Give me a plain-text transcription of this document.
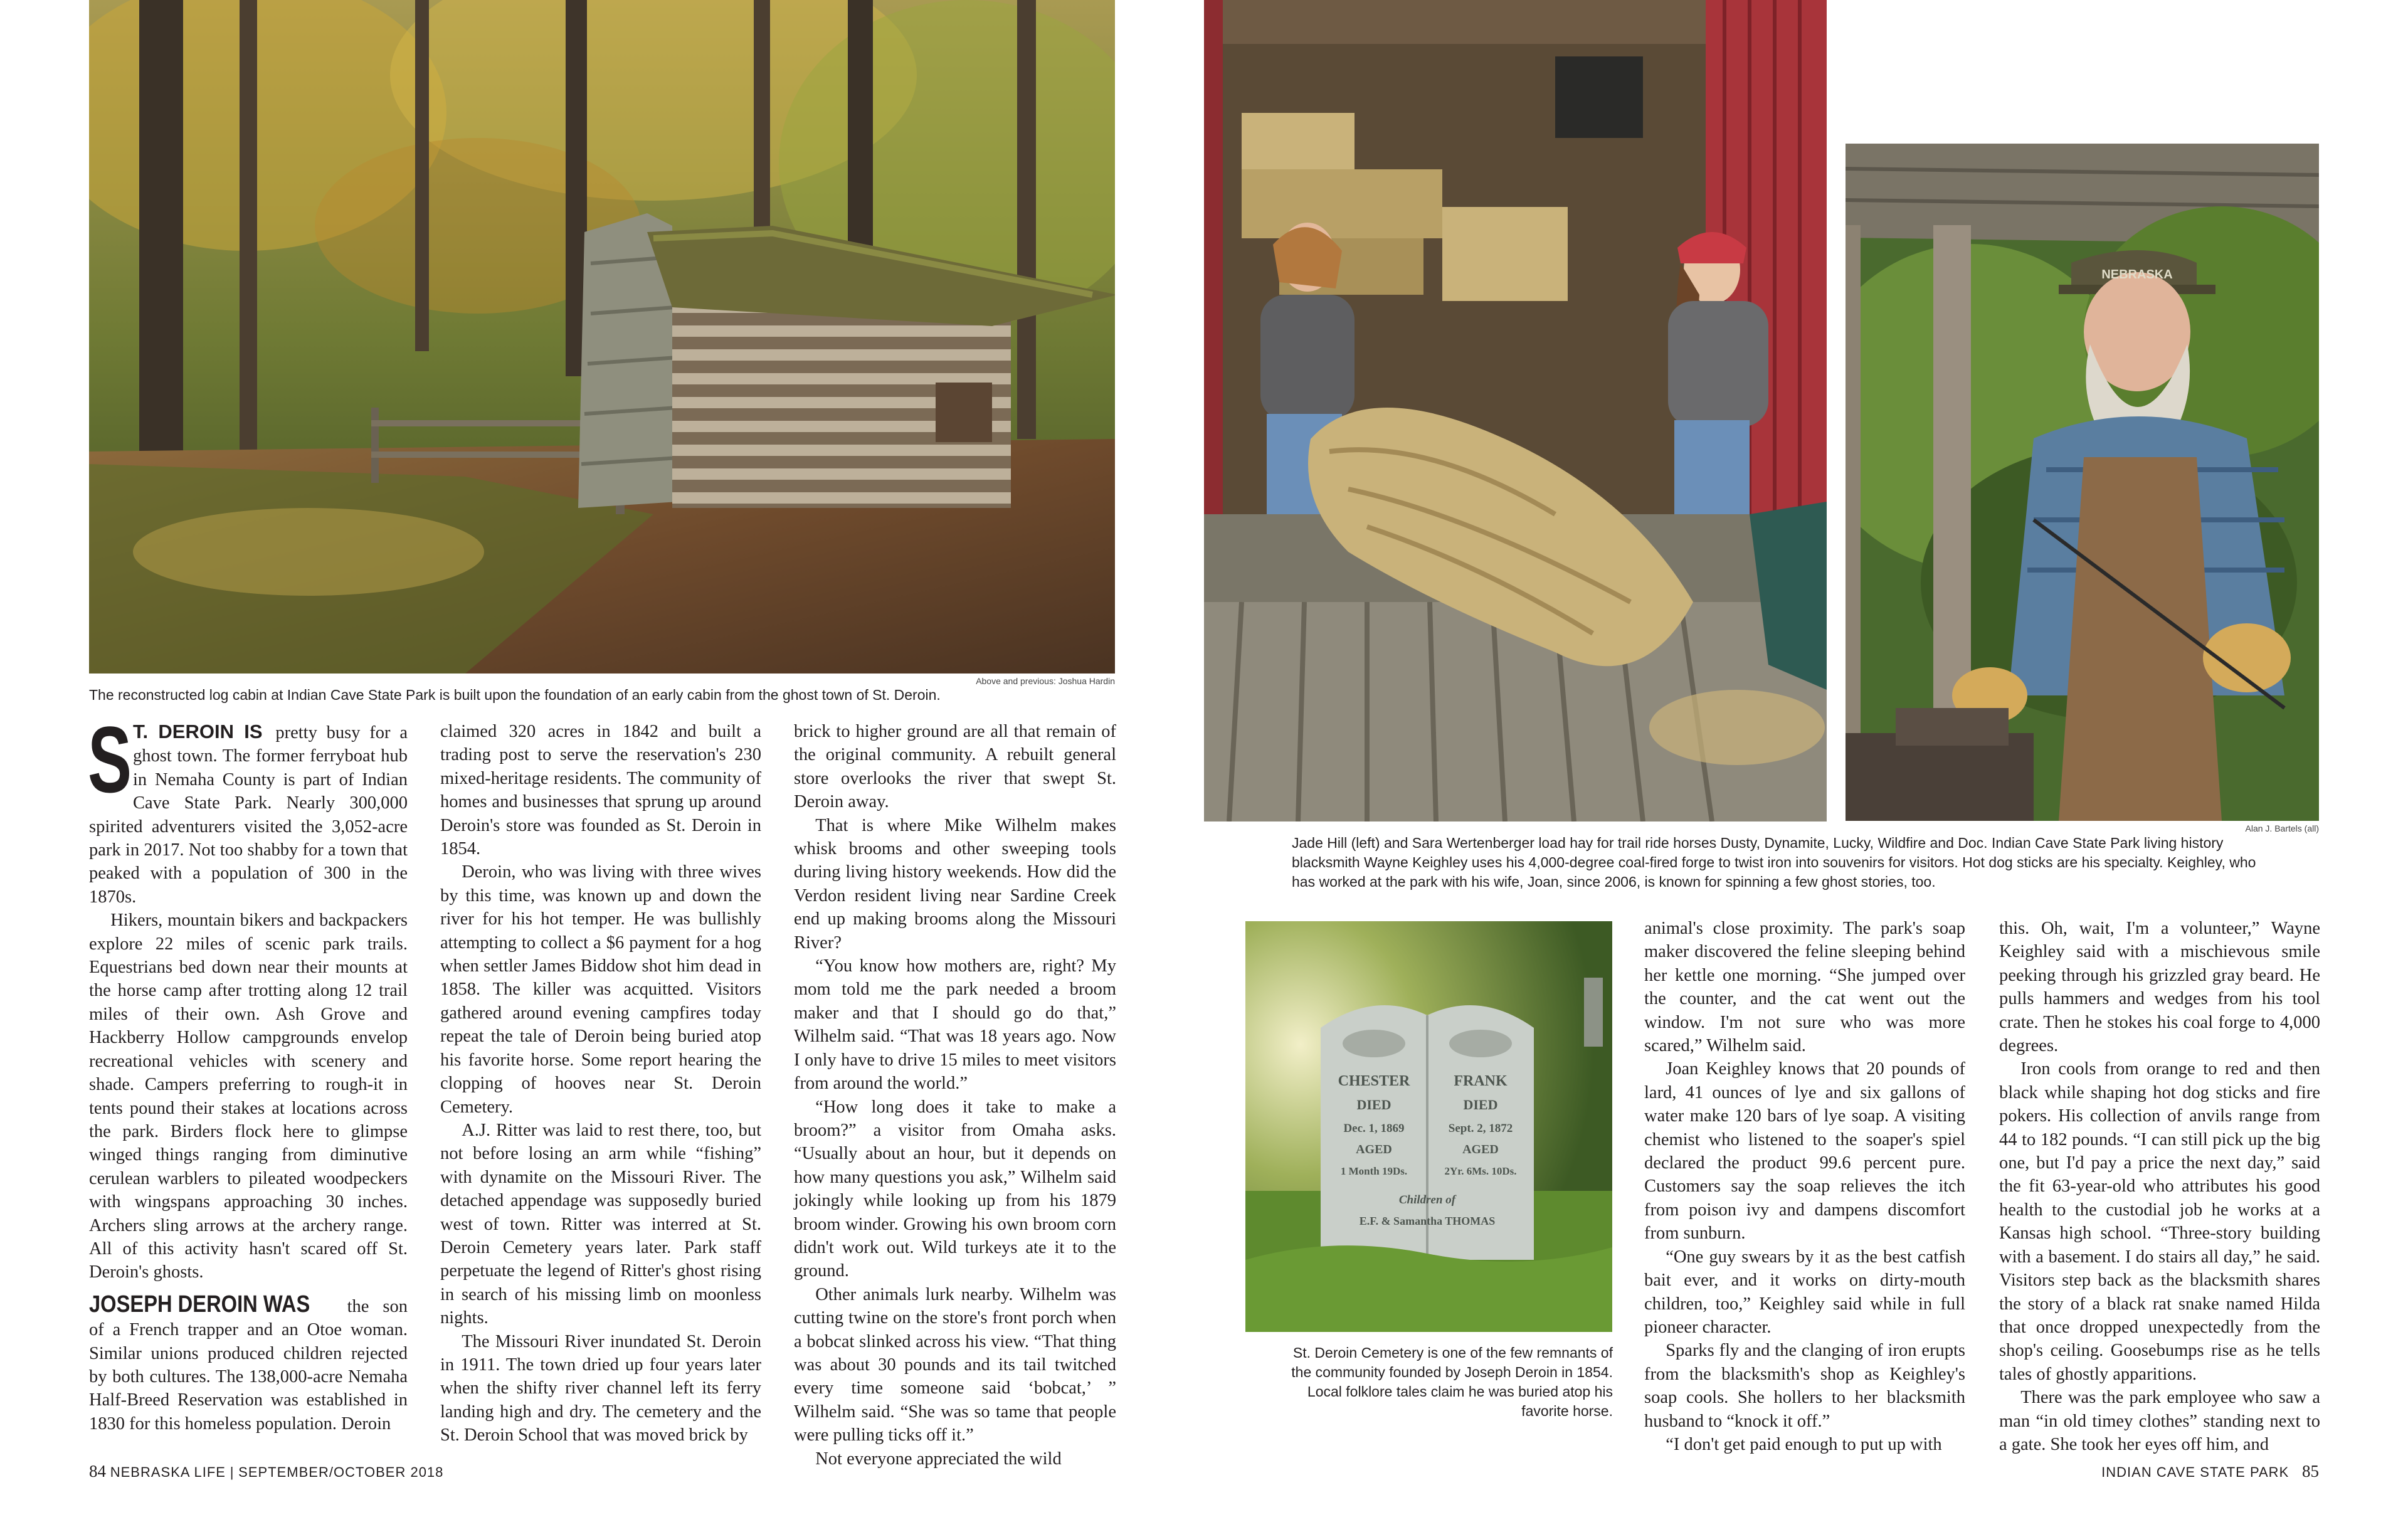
Above and previous: Joshua Hardin
The reconstructed log cabin at Indian Cave State Park is built upon the foundation of an early cabin from the ghost town of St. Deroin.

S T. DEROIN IS pretty busy for a ghost town. The former ferryboat hub in Nemaha County is part of Indian Cave State Park. Nearly 300,000 spirited adventurers visited the 3,052-acre park in 2017. Not too shabby for a town that peaked with a population of 300 in the 1870s.

Hikers, mountain bikers and backpackers explore 22 miles of scenic park trails. Equestrians bed down near their mounts at the horse camp after trotting along 12 trail miles of their own. Ash Grove and Hackberry Hollow campgrounds envelop recreational vehicles with scenery and shade. Campers preferring to rough-it in tents pound their stakes at locations across the park. Birders flock here to glimpse winged things ranging from diminutive cerulean warblers to pileated woodpeckers with wingspans approaching 30 inches. Archers sling arrows at the archery range. All of this activity hasn't scared off St. Deroin's ghosts.

JOSEPH DEROIN WAS the son of a French trapper and an Otoe woman. Similar unions produced children rejected by both cultures. The 138,000-acre Nemaha Half-Breed Reservation was established in 1830 for this homeless population. Deroin

claimed 320 acres in 1842 and built a trading post to serve the reservation's 230 mixed-heritage residents. The community of homes and businesses that sprung up around Deroin's store was founded as St. Deroin in 1854.

Deroin, who was living with three wives by this time, was known up and down the river for his hot temper. He was bullishly attempting to collect a $6 payment for a hog when settler James Biddow shot him dead in 1858. The killer was acquitted. Visitors gathered around evening campfires today repeat the tale of Deroin being buried atop his favorite horse. Some report hearing the clopping of hooves near St. Deroin Cemetery.

A.J. Ritter was laid to rest there, too, but not before losing an arm while “fishing” with dynamite on the Missouri River. The detached appendage was supposedly buried west of town. Ritter was interred at St. Deroin Cemetery years later. Park staff perpetuate the legend of Ritter's ghost rising in search of his missing limb on moonless nights.

The Missouri River inundated St. Deroin in 1911. The town dried up four years later when the shifty river channel left its ferry landing high and dry. The cemetery and the St. Deroin School that was moved brick by

brick to higher ground are all that remain of the original community. A rebuilt general store overlooks the river that swept St. Deroin away.

That is where Mike Wilhelm makes whisk brooms and other sweeping tools during living history weekends. How did the Verdon resident living near Sardine Creek end up making brooms along the Missouri River?

“You know how mothers are, right? My mom told me the park needed a broom maker and that I should go do that,” Wilhelm said. “That was 18 years ago. Now I only have to drive 15 miles to meet visitors from around the world.”

“How long does it take to make a broom?” a visitor from Omaha asks. “Usually about an hour, but it depends on how many questions you ask,” Wilhelm said jokingly while looking up from his 1879 broom winder. Growing his own broom corn didn't work out. Wild turkeys ate it to the ground.

Other animals lurk nearby. Wilhelm was cutting twine on the store's front porch when a bobcat slinked across his view. “That thing was about 30 pounds and its tail twitched every time someone said ‘bobcat,’ ” Wilhelm said. “She was so tame that people were pulling ticks off it.”

Not everyone appreciated the wild

84 NEBRASKA LIFE | SEPTEMBER/OCTOBER 2018
NEBRASKA
Alan J. Bartels (all)
Jade Hill (left) and Sara Wertenberger load hay for trail ride horses Dusty, Dynamite, Lucky, Wildfire and Doc. Indian Cave State Park living history blacksmith Wayne Keighley uses his 4,000-degree coal-fired forge to twist iron into souvenirs for visitors. Hot dog sticks are his specialty. Keighley, who has worked at the park with his wife, Joan, since 2006, is known for spinning a few ghost stories, too.
CHESTER
DIED
Dec. 1, 1869
AGED
1 Month 19Ds.
FRANK
DIED
Sept. 2, 1872
AGED
2Yr. 6Ms. 10Ds.
Children of
E.F. & Samantha THOMAS
St. Deroin Cemetery is one of the few remnants of the community founded by Joseph Deroin in 1854. Local folklore tales claim he was buried atop his favorite horse.

animal's close proximity. The park's soap maker discovered the feline sleeping behind her kettle one morning. “She jumped over the counter, and the cat went out the window. I'm not sure who was more scared,” Wilhelm said.

Joan Keighley knows that 20 pounds of lard, 41 ounces of lye and six gallons of water make 120 bars of lye soap. A visiting chemist who listened to the soaper's spiel declared the product 99.6 percent pure. Customers say the soap relieves the itch from poison ivy and dampens discomfort from sunburn.

“One guy swears by it as the best catfish bait ever, and it works on dirty-mouth children, too,” Keighley said while in full pioneer character.

Sparks fly and the clanging of iron erupts from the blacksmith's shop as Keighley's soap cools. She hollers to her blacksmith husband to “knock it off.”

“I don't get paid enough to put up with

this. Oh, wait, I'm a volunteer,” Wayne Keighley said with a mischievous smile peeking through his grizzled gray beard. He pulls hammers and wedges from his tool crate. Then he stokes his coal forge to 4,000 degrees.

Iron cools from orange to red and then black while shaping hot dog sticks and fire pokers. His collection of anvils range from 44 to 182 pounds. “I can still pick up the big one, but I'd pay a price the next day,” said the fit 63-year-old who attributes his good health to the custodial job he works at a Kansas high school. “Three-story building with a basement. I do stairs all day,” he said. Visitors step back as the blacksmith shares the story of a black rat snake named Hilda that once dropped unexpectedly from the shop's ceiling. Goosebumps rise as he tells tales of ghostly apparitions.

There was the park employee who saw a man “in old timey clothes” standing next to a gate. She took her eyes off him, and

INDIAN CAVE STATE PARK 85
